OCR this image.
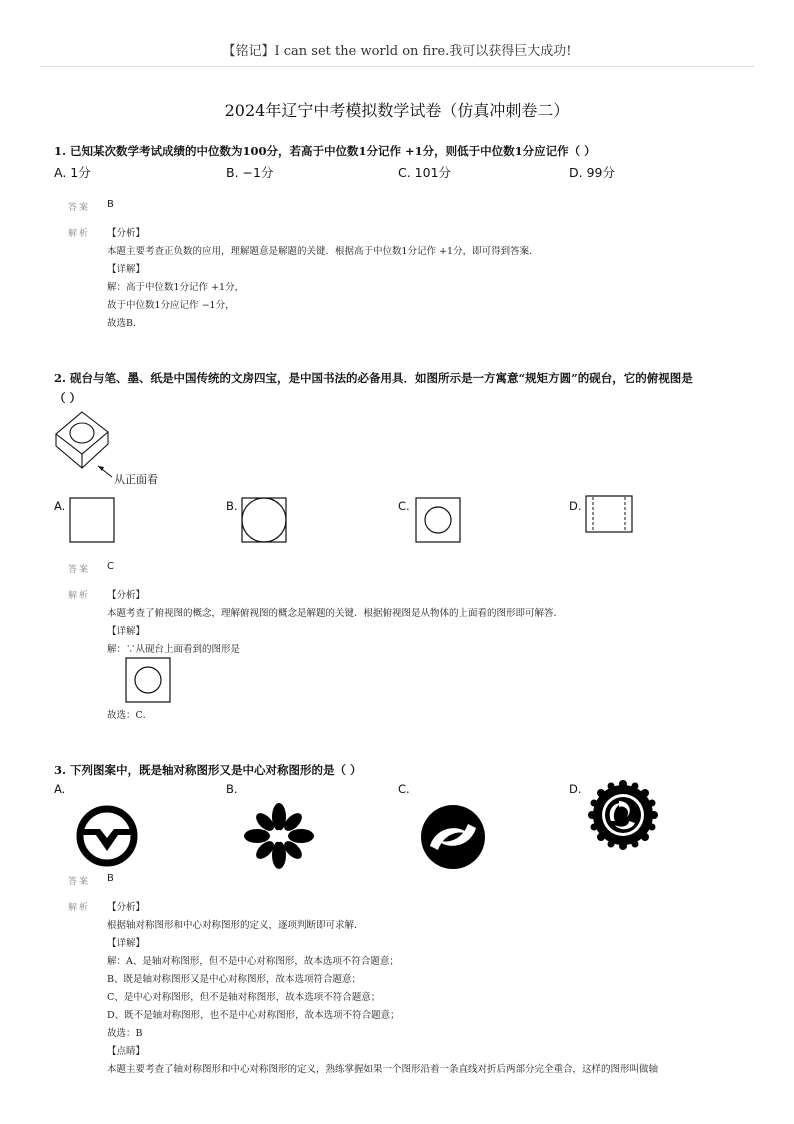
【铭记】I can set the world on fire.我可以获得巨大成功!
2024年辽宁中考模拟数学试卷（仿真冲刺卷二）
1. 已知某次数学考试成绩的中位数为100分，若高于中位数1分记作 +1分，则低于中位数1分应记作（ ）
A. 1分	B. −1分	C. 101分	D. 99分
答案 B
解析 【分析】
本题主要考查正负数的应用，理解题意是解题的关键．根据高于中位数1分记作 +1分，即可得到答案．
【详解】
解：高于中位数1分记作 +1分，
故于中位数1分应记作 −1分，
故选B．
2. 砚台与笔、墨、纸是中国传统的文房四宝，是中国书法的必备用具．如图所示是一方寓意“规矩方圆”的砚台，它的俯视图是
（ ）
从正面看
A.	B.	C.	D.
答案 C
解析 【分析】
本题考查了俯视图的概念，理解俯视图的概念是解题的关键．根据俯视图是从物体的上面看的图形即可解答．
【详解】
解：∵从砚台上面看到的图形是
故选：C．
3. 下列图案中，既是轴对称图形又是中心对称图形的是（ ）
A.	B.	C.	D.
答案 B
解析 【分析】
根据轴对称图形和中心对称图形的定义，逐项判断即可求解．
【详解】
解：A、是轴对称图形，但不是中心对称图形，故本选项不符合题意；
B、既是轴对称图形又是中心对称图形，故本选项符合题意；
C、是中心对称图形，但不是轴对称图形，故本选项不符合题意；
D、既不是轴对称图形，也不是中心对称图形，故本选项不符合题意；
故选：B
【点睛】
本题主要考查了轴对称图形和中心对称图形的定义，熟练掌握如果一个图形沿着一条直线对折后两部分完全重合，这样的图形叫做轴
